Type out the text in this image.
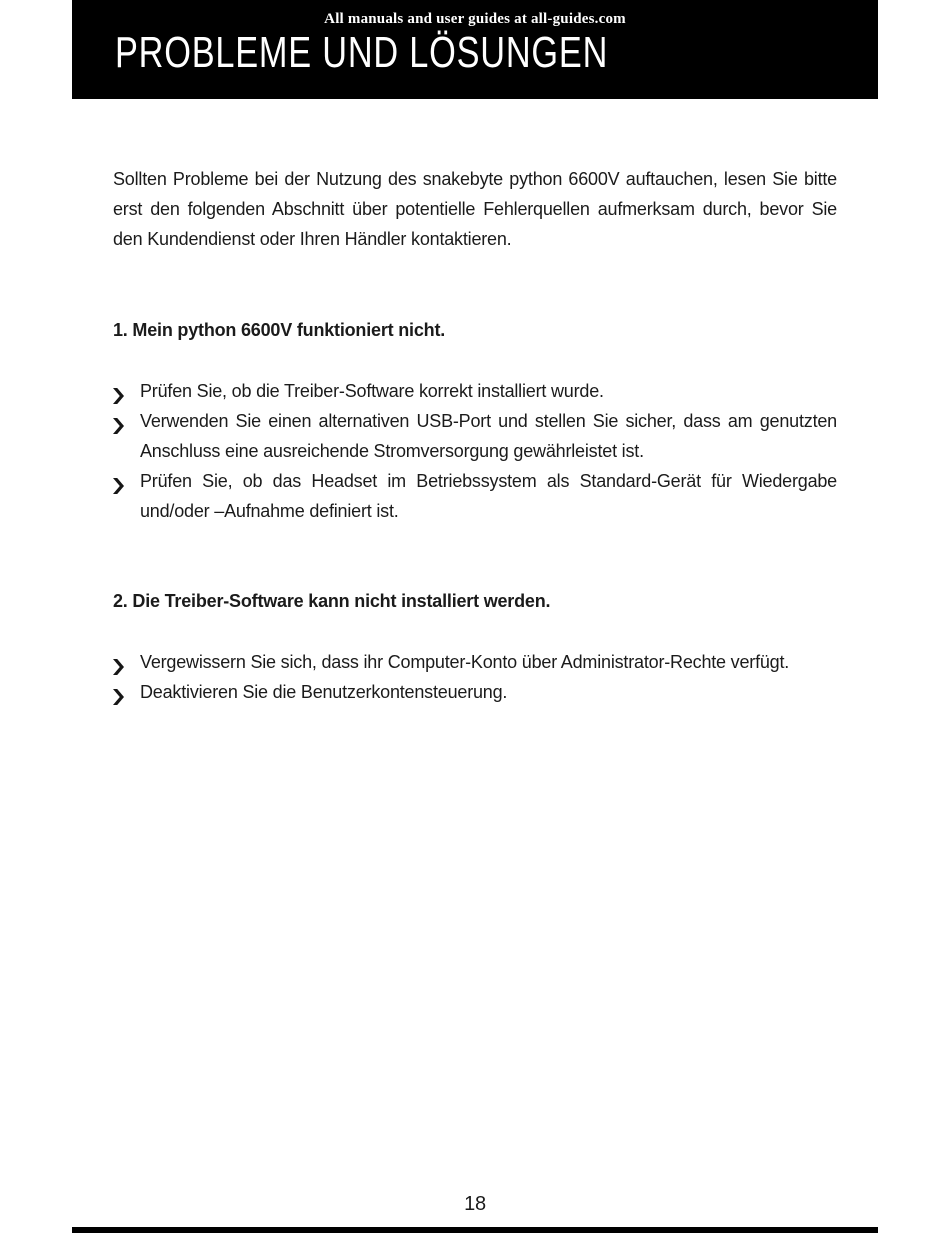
All manuals and user guides at all-guides.com
PROBLEME UND LÖSUNGEN

Sollten Probleme bei der Nutzung des snakebyte python 6600V auftauchen, lesen Sie bitte erst den folgenden Abschnitt über potentielle Fehlerquellen aufmerksam durch, bevor Sie den Kundendienst oder Ihren Händler kontaktieren.

1. Mein python 6600V funktioniert nicht.
Prüfen Sie, ob die Treiber-Software korrekt installiert wurde.
Verwenden Sie einen alternativen USB-Port und stellen Sie sicher, dass am genutzten Anschluss eine ausreichende Stromversorgung gewährleistet ist.
Prüfen Sie, ob das Headset im Betriebssystem als Standard-Gerät für Wiedergabe und/oder –Aufnahme definiert ist.
2. Die Treiber-Software kann nicht installiert werden.
Vergewissern Sie sich, dass ihr Computer-Konto über Administrator-Rechte verfügt.
Deaktivieren Sie die Benutzerkontensteuerung.
18
